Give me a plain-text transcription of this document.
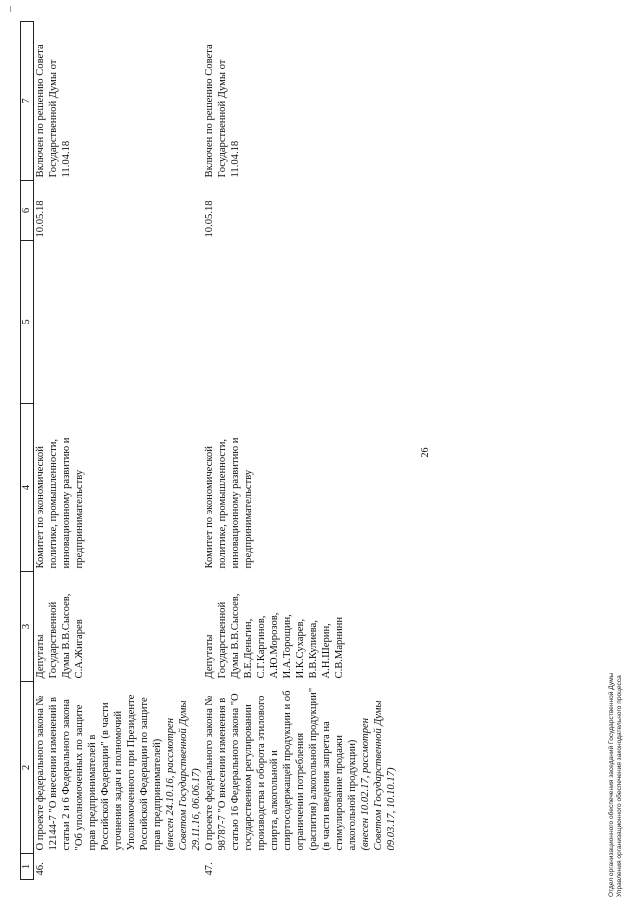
1	2	3	4	5	6	7
46.	О проекте федерального закона № 12144-7 "О внесении изменений в статьи 2 и 6 Федерального закона "Об уполномоченных по защите прав предпринимателей в Российской Федерации" (в части уточнения задач и полномочий Уполномоченного при Президенте Российской Федерации по защите прав предпринимателей) (внесен 24.10.16, рассмотрен Советом Государственной Думы 29.11.16, 06.06.17)	Депутаты Государственной Думы В.В.Сысоев, С.А.Жигарев	Комитет по экономической политике, промышленности, инновационному развитию и предпринимательству		10.05.18	Включен по решению Совета Государственной Думы от 11.04.18
47.	О проекте федерального закона № 98787-7 "О внесении изменения в статью 16 Федерального закона "О государственном регулировании производства и оборота этилового спирта, алкогольной и спиртосодержащей продукции и об ограничении потребления (распития) алкогольной продукции" (в части введения запрета на стимулирование продажи алкогольной продукции) (внесен 10.02.17, рассмотрен Советом Государственной Думы 09.03.17, 10.10.17)	Депутаты Государственной Думы В.В.Сысоев, В.Е.Деньгин, С.Г.Каргинов, А.Ю.Морозов, И.А.Торощин, И.К.Сухарев, В.В.Кулиева, А.Н.Шерин, С.В.Марнинн	Комитет по экономической политике, промышленности, инновационному развитию и предпринимательству		10.05.18	Включен по решению Совета Государственной Думы от 11.04.18
26
Отдел организационного обеспечения заседаний Государственной Думы Управления организационного обеспечения законодательного процесса
